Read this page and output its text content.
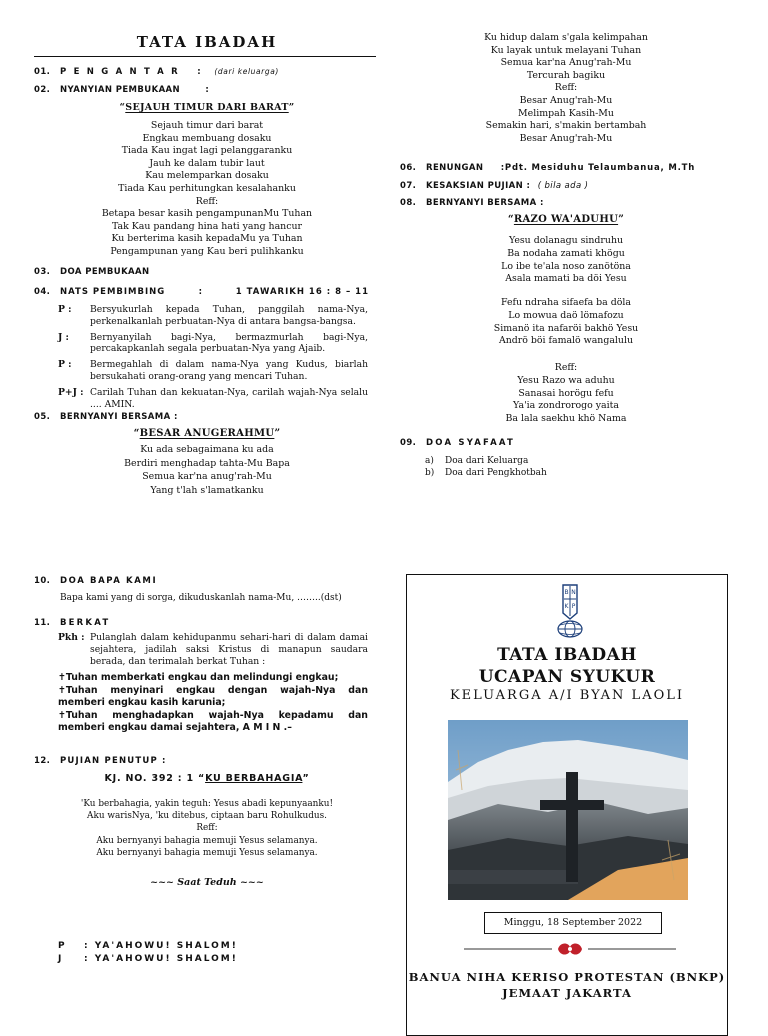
TATA IBADAH
01. P E N G A N T A R : (dari keluarga)
02. NYANYIAN PEMBUKAAN	:
“SEJAUH TIMUR DARI BARAT”
Sejauh timur dari barat
Engkau membuang dosaku
Tiada Kau ingat lagi pelanggaranku
Jauh ke dalam tubir laut
Kau melemparkan dosaku
Tiada Kau perhitungkan kesalahanku
Reff:
Betapa besar kasih pengampunanMu Tuhan
Tak Kau pandang hina hati yang hancur
Ku berterima kasih kepadaMu ya Tuhan
Pengampunan yang Kau beri pulihkanku
03. DOA PEMBUKAAN
04. NATS PEMBIMBING	:	1 TAWARIKH 16 : 8 – 11
P : Bersyukurlah kepada Tuhan, panggilah nama-Nya, perkenalkanlah perbuatan-Nya di antara bangsa-bangsa.
J : Bernyanyilah bagi-Nya, bermazmurlah bagi-Nya, percakapkanlah segala perbuatan-Nya yang Ajaib.
P : Bermegahlah di dalam nama-Nya yang Kudus, biarlah bersukahati orang-orang yang mencari Tuhan.
P+J : Carilah Tuhan dan kekuatan-Nya, carilah wajah-Nya selalu .... AMIN.
05. BERNYANYI BERSAMA :
“BESAR ANUGERAHMU”
Ku ada sebagaimana ku ada
Berdiri menghadap tahta-Mu Bapa
Semua kar'na anug'rah-Mu
Yang t'lah s'lamatkanku
Ku hidup dalam s'gala kelimpahan
Ku layak untuk melayani Tuhan
Semua kar'na Anug'rah-Mu
Tercurah bagiku
Reff:
Besar Anug'rah-Mu
Melimpah Kasih-Mu
Semakin hari, s'makin bertambah
Besar Anug'rah-Mu
06. RENUNGAN :Pdt. Mesiduhu Telaumbanua, M.Th
07. KESAKSIAN PUJIAN : ( bila ada )
08. BERNYANYI BERSAMA :
“RAZO WA'ADUHU”
Yesu dolanagu sindruhu
Ba nodaha zamati khögu
Lo ibe te'ala noso zanötöna
Asala mamati ba döi Yesu
Fefu ndraha sifaefa ba döla
Lo mowua daö lömafozu
Simanö ita nafaröi bakhö Yesu
Andrö böi famalö wangalulu
Reff:
Yesu Razo wa aduhu
Sanasai horögu fefu
Ya'ia zondrorogo yaita
Ba lala saekhu khö Nama
09. DOA SYAFAAT
a) Doa dari Keluarga
b) Doa dari Pengkhotbah
10. DOA BAPA KAMI
Bapa kami yang di sorga, dikuduskanlah nama-Mu, ……..(dst)
11. BERKAT
Pkh : Pulanglah dalam kehidupanmu sehari-hari di dalam damai sejahtera, jadilah saksi Kristus di manapun saudara berada, dan terimalah berkat Tuhan :
✝Tuhan memberkati engkau dan melindungi engkau;
✝Tuhan menyinari engkau dengan wajah-Nya dan memberi engkau kasih karunia;
✝Tuhan menghadapkan wajah-Nya kepadamu dan memberi engkau damai sejahtera, A M I N .–
12. PUJIAN PENUTUP :
KJ. NO. 392 : 1 “KU BERBAHAGIA”
'Ku berbahagia, yakin teguh: Yesus abadi kepunyaanku!
Aku warisNya, 'ku ditebus, ciptaan baru Rohulkudus.
Reff:
Aku bernyanyi bahagia memuji Yesus selamanya.
Aku bernyanyi bahagia memuji Yesus selamanya.
~~~ Saat Teduh ~~~
P : YA'AHOWU! SHALOM!
J : YA'AHOWU! SHALOM!
B N
K P
TATA IBADAH
UCAPAN SYUKUR
KELUARGA A/I BYAN LAOLI
Minggu, 18 September 2022
BANUA NIHA KERISO PROTESTAN (BNKP)
JEMAAT JAKARTA
